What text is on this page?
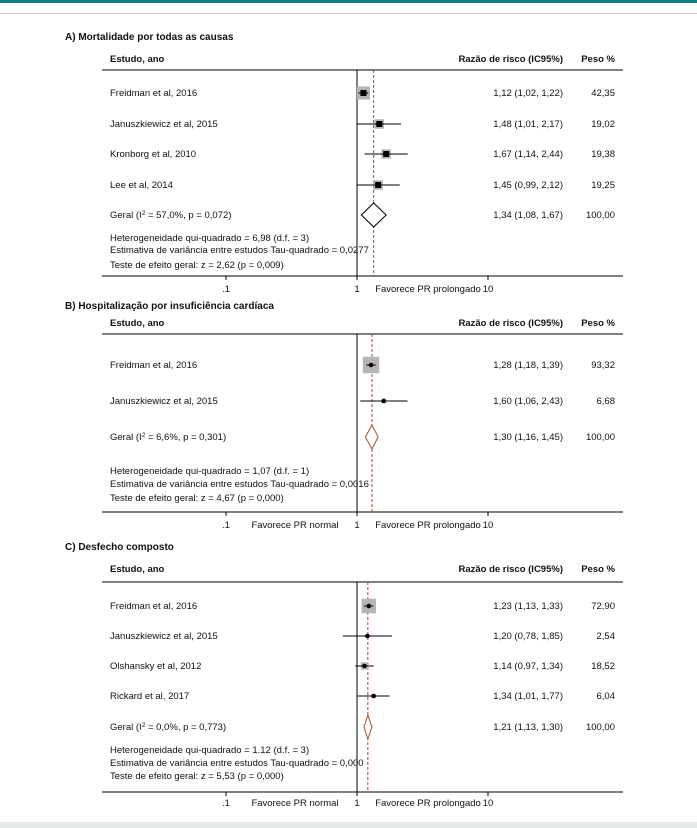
A) Mortalidade por todas as causas
Estudo, ano	Razão de risco (IC95%) Peso %
.1	1	10
Favorece PR prolongado
Freidman et al, 2016	1,12 (1,02, 1,22)	42,35
Januszkiewicz et al, 2015	1,48 (1,01, 2,17)	19,02
Kronborg et al, 2010	1,67 (1,14, 2,44)	19,38
Lee et al, 2014	1,45 (0,99, 2,12)	19,25
Geral ($I^2 = 57,0\%$, p = 0,072)	1,34 (1,08, 1,67) 100,00
Heterogeneidade qui-quadrado = 6,98 (d.f. = 3)
Estimativa de variância entre estudos Tau-quadrado = 0,0277
Teste de efeito geral: z = 2,62 (p = 0,009)
B) Hospitalização por insuficiência cardíaca
Estudo, ano	Razão de risco (IC95%) Peso %
.1	1	10
Favorece PR normal	Favorece PR prolongado
Freidman et al, 2016	1,28 (1,18, 1,39)	93,32
Januszkiewicz et al, 2015	1,60 (1,06, 2,43)	6,68
Geral ($I^2 = 6,6\%$, p = 0,301)	1,30 (1,16, 1,45) 100,00
Heterogeneidade qui-quadrado = 1,07 (d.f. = 1)
Estimativa de variância entre estudos Tau-quadrado = 0,0016
Teste de efeito geral: z = 4,67 (p = 0,000)
C) Desfecho composto
Estudo, ano	Razão de risco (IC95%) Peso %
.1	1	10
Favorece PR normal	Favorece PR prolongado
Freidman et al, 2016	1,23 (1,13, 1,33)	72,90
Januszkiewicz et al, 2015	1,20 (0,78, 1,85)	2,54
Olshansky et al, 2012	1,14 (0,97, 1,34)	18,52
Rickard et al, 2017	1,34 (1,01, 1,77)	6,04
Geral ($I^2 = 0,0\%$, p = 0,773)	1,21 (1,13, 1,30) 100,00
Heterogeneidade qui-quadrado = 1.12 (d.f. = 3)
Estimativa de variância entre estudos Tau-quadrado = 0,000
Teste de efeito geral: z = 5,53 (p = 0,000)
